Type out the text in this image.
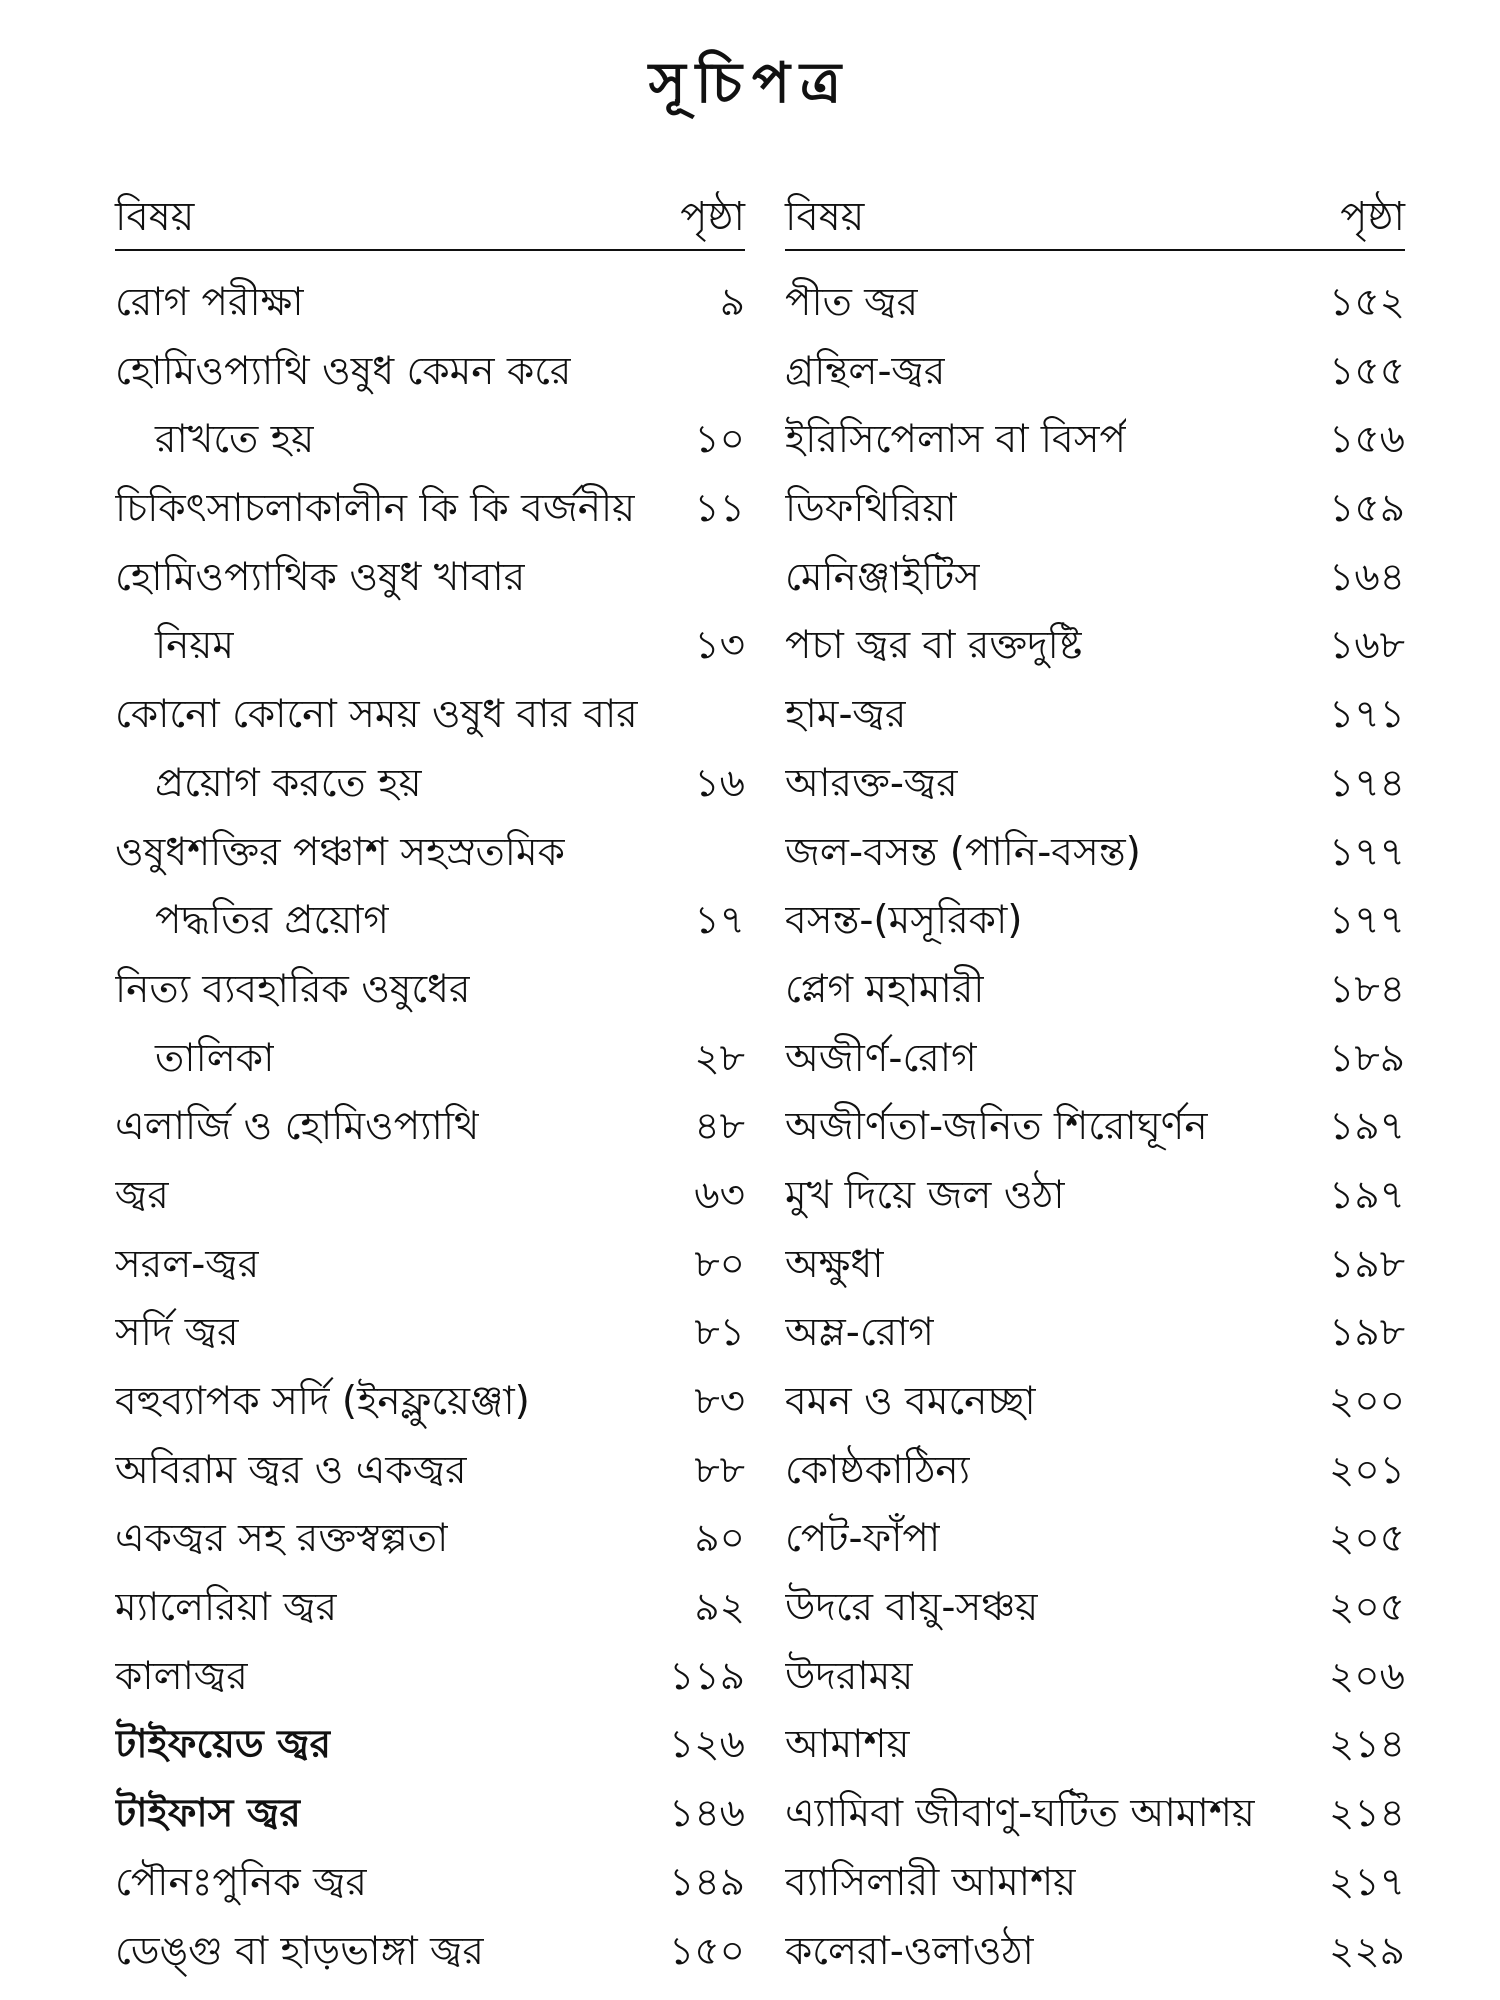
সূচিপত্র
বিষয়	পৃষ্ঠা
রোগ পরীক্ষা	৯
হোমিওপ্যাথি ওষুধ কেমন করে
রাখতে হয়	১০
চিকিৎসাচলাকালীন কি কি বর্জনীয় ১১
হোমিওপ্যাথিক ওষুধ খাবার
নিয়ম	১৩
কোনো কোনো সময় ওষুধ বার বার
প্রয়োগ করতে হয়	১৬
ওষুধশক্তির পঞ্চাশ সহস্রতমিক
পদ্ধতির প্রয়োগ	১৭
নিত্য ব্যবহারিক ওষুধের
তালিকা	২৮
এলার্জি ও হোমিওপ্যাথি	৪৮
জ্বর	৬৩
সরল-জ্বর	৮০
সর্দি জ্বর	৮১
বহুব্যাপক সর্দি (ইনফ্লুয়েঞ্জা)	৮৩
অবিরাম জ্বর ও একজ্বর	৮৮
একজ্বর সহ রক্তস্বল্পতা	৯০
ম্যালেরিয়া জ্বর	৯২
কালাজ্বর	১১৯
টাইফয়েড জ্বর	১২৬
টাইফাস জ্বর	১৪৬
পৌনঃপুনিক জ্বর	১৪৯
ডেঙ্গু বা হাড়ভাঙ্গা জ্বর	১৫০
বিষয়	পৃষ্ঠা
পীত জ্বর	১৫২
গ্রন্থিল-জ্বর	১৫৫
ইরিসিপেলাস বা বিসর্প	১৫৬
ডিফথিরিয়া	১৫৯
মেনিঞ্জাইটিস	১৬৪
পচা জ্বর বা রক্তদুষ্টি	১৬৮
হাম-জ্বর	১৭১
আরক্ত-জ্বর	১৭৪
জল-বসন্ত (পানি-বসন্ত)	১৭৭
বসন্ত-(মসূরিকা)	১৭৭
প্লেগ মহামারী	১৮৪
অজীর্ণ-রোগ	১৮৯
অজীর্ণতা-জনিত শিরোঘূর্ণন	১৯৭
মুখ দিয়ে জল ওঠা	১৯৭
অক্ষুধা	১৯৮
অম্ল-রোগ	১৯৮
বমন ও বমনেচ্ছা	২০০
কোষ্ঠকাঠিন্য	২০১
পেট-ফাঁপা	২০৫
উদরে বায়ু-সঞ্চয়	২০৫
উদরাময়	২০৬
আমাশয়	২১৪
এ্যামিবা জীবাণু-ঘটিত আমাশয় ২১৪
ব্যাসিলারী আমাশয়	২১৭
কলেরা-ওলাওঠা	২২৯
